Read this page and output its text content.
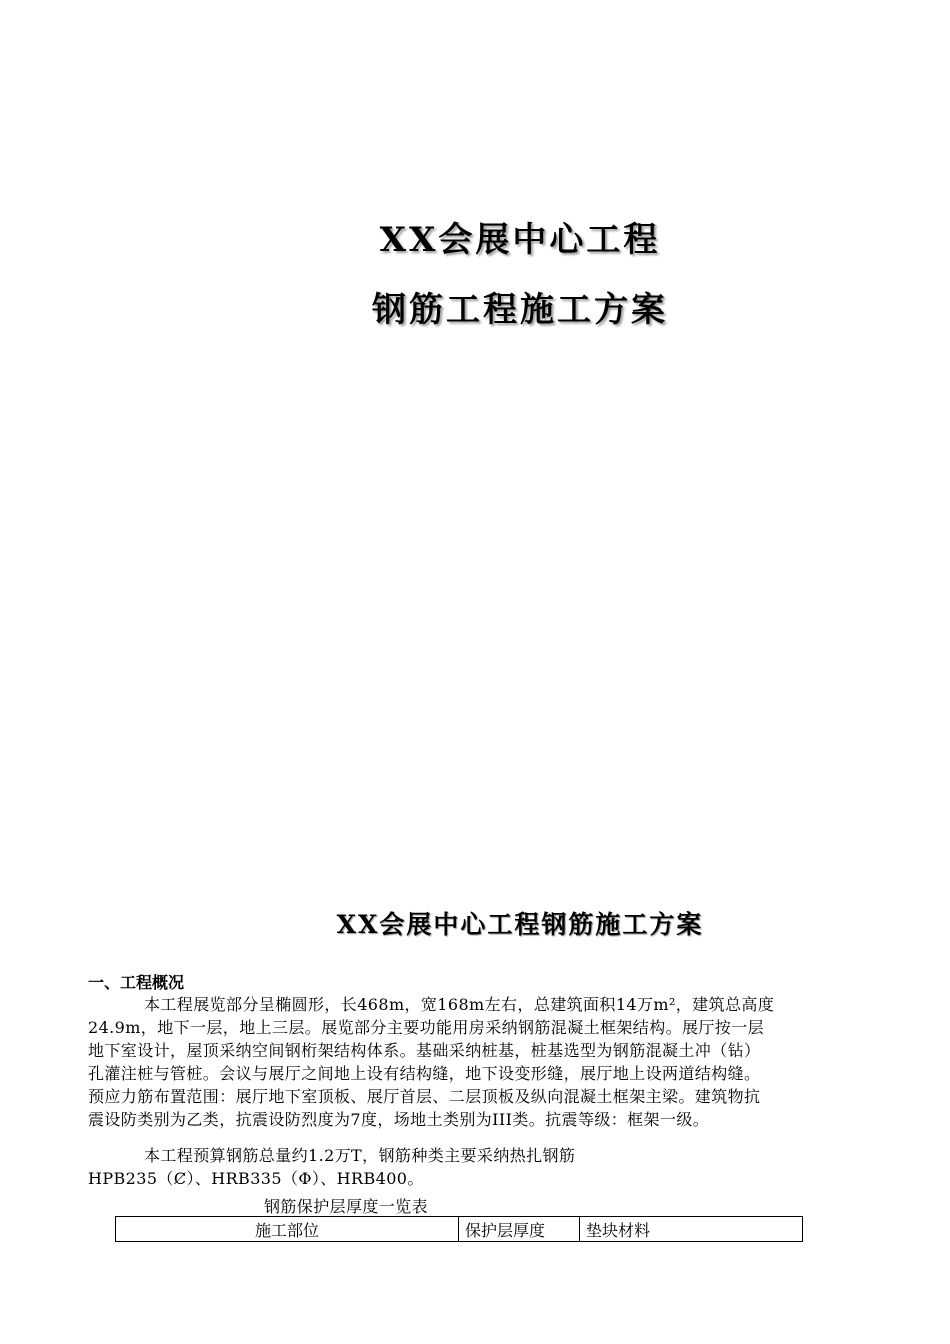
XX会展中心工程
钢筋工程施工方案
XX会展中心工程钢筋施工方案
一、工程概况

本工程展览部分呈椭圆形，长468m，宽168m左右，总建筑面积14万m²，建筑总高度

24.9m，地下一层，地上三层。展览部分主要功能用房采纳钢筋混凝土框架结构。展厅按一层

地下室设计，屋顶采纳空间钢桁架结构体系。基础采纳桩基，桩基选型为钢筋混凝土冲（钻）

孔灌注桩与管桩。会议与展厅之间地上设有结构缝，地下设变形缝，展厅地上设两道结构缝。

预应力筋布置范围：展厅地下室顶板、展厅首层、二层顶板及纵向混凝土框架主梁。建筑物抗

震设防类别为乙类，抗震设防烈度为7度，场地土类别为III类。抗震等级：框架一级。

本工程预算钢筋总量约1.2万T，钢筋种类主要采纳热扎钢筋

HPB235（Ȼ）、HRB335（Φ）、HRB400。

钢筋保护层厚度一览表
施工部位	保护层厚度	垫块材料
